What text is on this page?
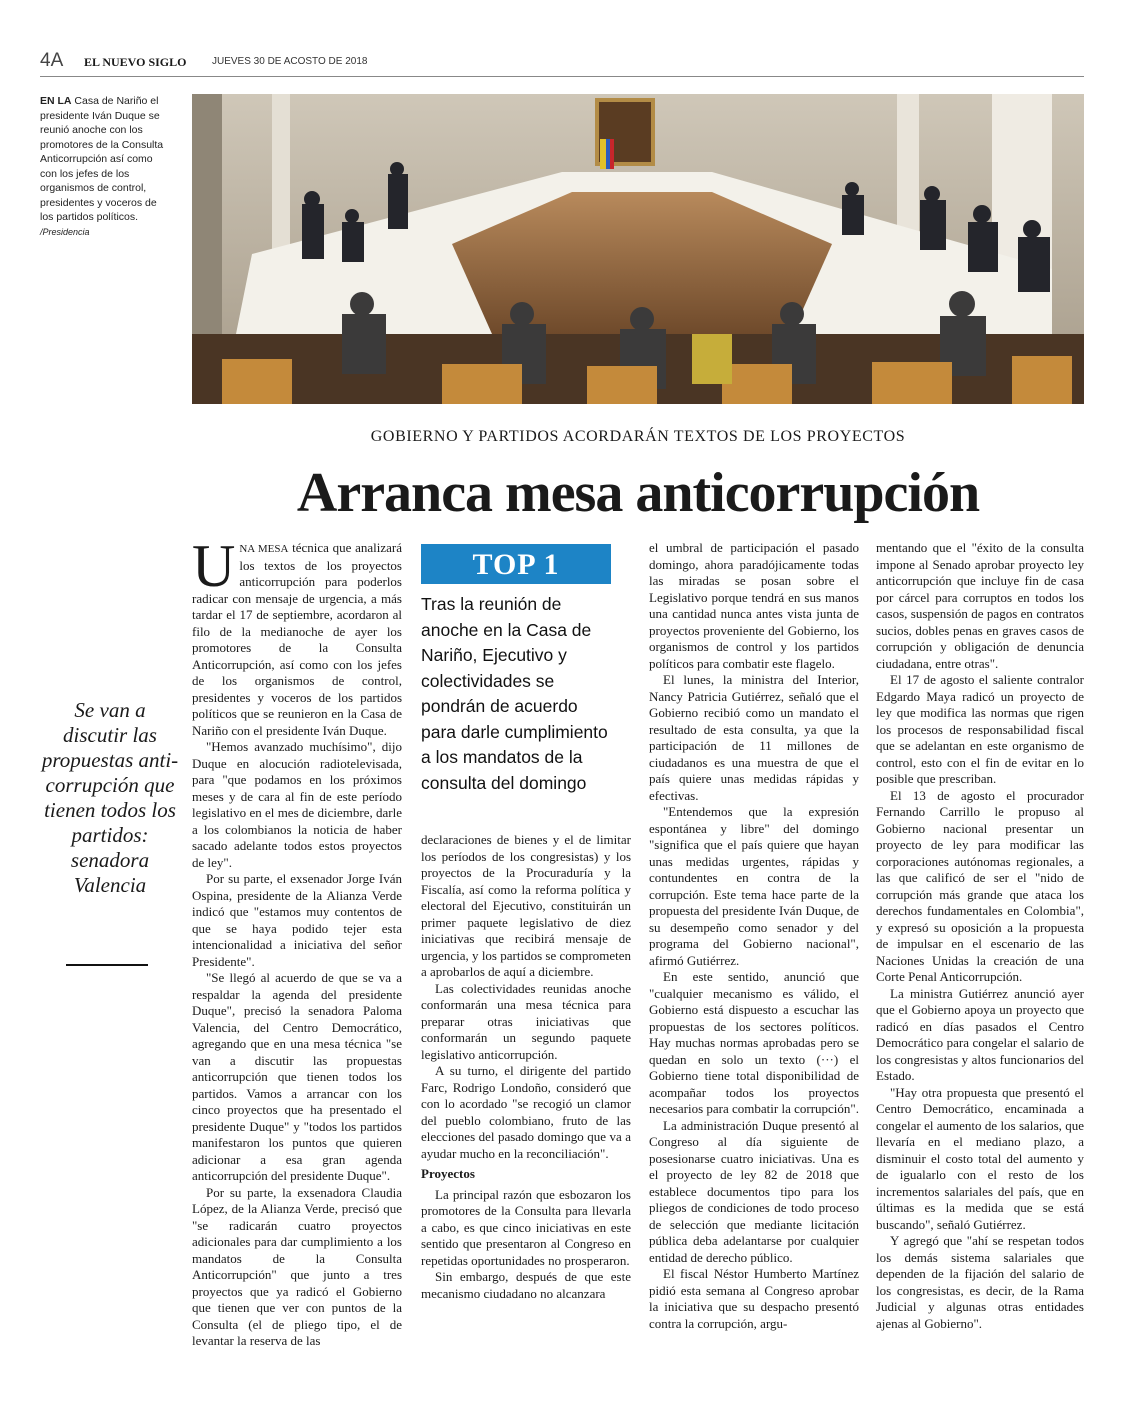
4A EL NUEVO SIGLO	JUEVES 30 DE ACOSTO DE 2018
EN LA Casa de Nariño el presidente Iván Duque se reunió anoche con los promotores de la Consulta Anticorrupción así como con los jefes de los organismos de control, presidentes y voceros de los partidos políticos. /Presidencia
GOBIERNO Y PARTIDOS ACORDARÁN TEXTOS DE LOS PROYECTOS
Arranca mesa anticorrupción
Se van a discutir las propuestas anti-corrupción que tienen todos los partidos: senadora Valencia

UNA MESA técnica que analizará los textos de los proyectos anticorrupción para poderlos radicar con mensaje de urgencia, a más tardar el 17 de septiembre, acordaron al filo de la medianoche de ayer los promotores de la Consulta Anticorrupción, así como con los jefes de los organismos de control, presidentes y voceros de los partidos políticos que se reunieron en la Casa de Nariño con el presidente Iván Duque.

"Hemos avanzado muchísimo", dijo Duque en alocución radiotelevisada, para "que podamos en los próximos meses y de cara al fin de este período legislativo en el mes de diciembre, darle a los colombianos la noticia de haber sacado adelante todos estos proyectos de ley".

Por su parte, el exsenador Jorge Iván Ospina, presidente de la Alianza Verde indicó que "estamos muy contentos de que se haya podido tejer esta intencionalidad a iniciativa del señor Presidente".

"Se llegó al acuerdo de que se va a respaldar la agenda del presidente Duque", precisó la senadora Paloma Valencia, del Centro Democrático, agregando que en una mesa técnica "se van a discutir las propuestas anticorrupción que tienen todos los partidos. Vamos a arrancar con los cinco proyectos que ha presentado el presidente Duque" y "todos los partidos manifestaron los puntos que quieren adicionar a esa gran agenda anticorrupción del presidente Duque".

Por su parte, la exsenadora Claudia López, de la Alianza Verde, precisó que "se radicarán cuatro proyectos adicionales para dar cumplimiento a los mandatos de la Consulta Anticorrupción" que junto a tres proyectos que ya radicó el Gobierno que tienen que ver con puntos de la Consulta (el de pliego tipo, el de levantar la reserva de las

TOP 1
Tras la reunión de anoche en la Casa de Nariño, Ejecutivo y colectividades se pondrán de acuerdo para darle cumplimiento a los mandatos de la consulta del domingo

declaraciones de bienes y el de limitar los períodos de los congresistas) y los proyectos de la Procuraduría y la Fiscalía, así como la reforma política y electoral del Ejecutivo, constituirán un primer paquete legislativo de diez iniciativas que recibirá mensaje de urgencia, y los partidos se comprometen a aprobarlos de aquí a diciembre.

Las colectividades reunidas anoche conformarán una mesa técnica para preparar otras iniciativas que conformarán un segundo paquete legislativo anticorrupción.

A su turno, el dirigente del partido Farc, Rodrigo Londoño, consideró que con lo acordado "se recogió un clamor del pueblo colombiano, fruto de las elecciones del pasado domingo que va a ayudar mucho en la reconciliación".

Proyectos

La principal razón que esbozaron los promotores de la Consulta para llevarla a cabo, es que cinco iniciativas en este sentido que presentaron al Congreso en repetidas oportunidades no prosperaron.

Sin embargo, después de que este mecanismo ciudadano no alcanzara

el umbral de participación el pasado domingo, ahora paradójicamente todas las miradas se posan sobre el Legislativo porque tendrá en sus manos una cantidad nunca antes vista junta de proyectos proveniente del Gobierno, los organismos de control y los partidos políticos para combatir este flagelo.

El lunes, la ministra del Interior, Nancy Patricia Gutiérrez, señaló que el Gobierno recibió como un mandato el resultado de esta consulta, ya que la participación de 11 millones de ciudadanos es una muestra de que el país quiere unas medidas rápidas y efectivas.

"Entendemos que la expresión espontánea y libre" del domingo "significa que el país quiere que hayan unas medidas urgentes, rápidas y contundentes en contra de la corrupción. Este tema hace parte de la propuesta del presidente Iván Duque, de su desempeño como senador y del programa del Gobierno nacional", afirmó Gutiérrez.

En este sentido, anunció que "cualquier mecanismo es válido, el Gobierno está dispuesto a escuchar las propuestas de los sectores políticos. Hay muchas normas aprobadas pero se quedan en solo un texto (···) el Gobierno tiene total disponibilidad de acompañar todos los proyectos necesarios para combatir la corrupción".

La administración Duque presentó al Congreso al día siguiente de posesionarse cuatro iniciativas. Una es el proyecto de ley 82 de 2018 que establece documentos tipo para los pliegos de condiciones de todo proceso de selección que mediante licitación pública deba adelantarse por cualquier entidad de derecho público.

El fiscal Néstor Humberto Martínez pidió esta semana al Congreso aprobar la iniciativa que su despacho presentó contra la corrupción, argu-

mentando que el "éxito de la consulta impone al Senado aprobar proyecto ley anticorrupción que incluye fin de casa por cárcel para corruptos en todos los casos, suspensión de pagos en contratos sucios, dobles penas en graves casos de corrupción y obligación de denuncia ciudadana, entre otras".

El 17 de agosto el saliente contralor Edgardo Maya radicó un proyecto de ley que modifica las normas que rigen los procesos de responsabilidad fiscal que se adelantan en este organismo de control, esto con el fin de evitar en lo posible que prescriban.

El 13 de agosto el procurador Fernando Carrillo le propuso al Gobierno nacional presentar un proyecto de ley para modificar las corporaciones autónomas regionales, a las que calificó de ser el "nido de corrupción más grande que ataca los derechos fundamentales en Colombia", y expresó su oposición a la propuesta de impulsar en el escenario de las Naciones Unidas la creación de una Corte Penal Anticorrupción.

La ministra Gutiérrez anunció ayer que el Gobierno apoya un proyecto que radicó en días pasados el Centro Democrático para congelar el salario de los congresistas y altos funcionarios del Estado.

"Hay otra propuesta que presentó el Centro Democrático, encaminada a congelar el aumento de los salarios, que llevaría en el mediano plazo, a disminuir el costo total del aumento y de igualarlo con el resto de los incrementos salariales del país, que en últimas es la medida que se está buscando", señaló Gutiérrez.

Y agregó que "ahí se respetan todos los demás sistema salariales que dependen de la fijación del salario de los congresistas, es decir, de la Rama Judicial y algunas otras entidades ajenas al Gobierno".
